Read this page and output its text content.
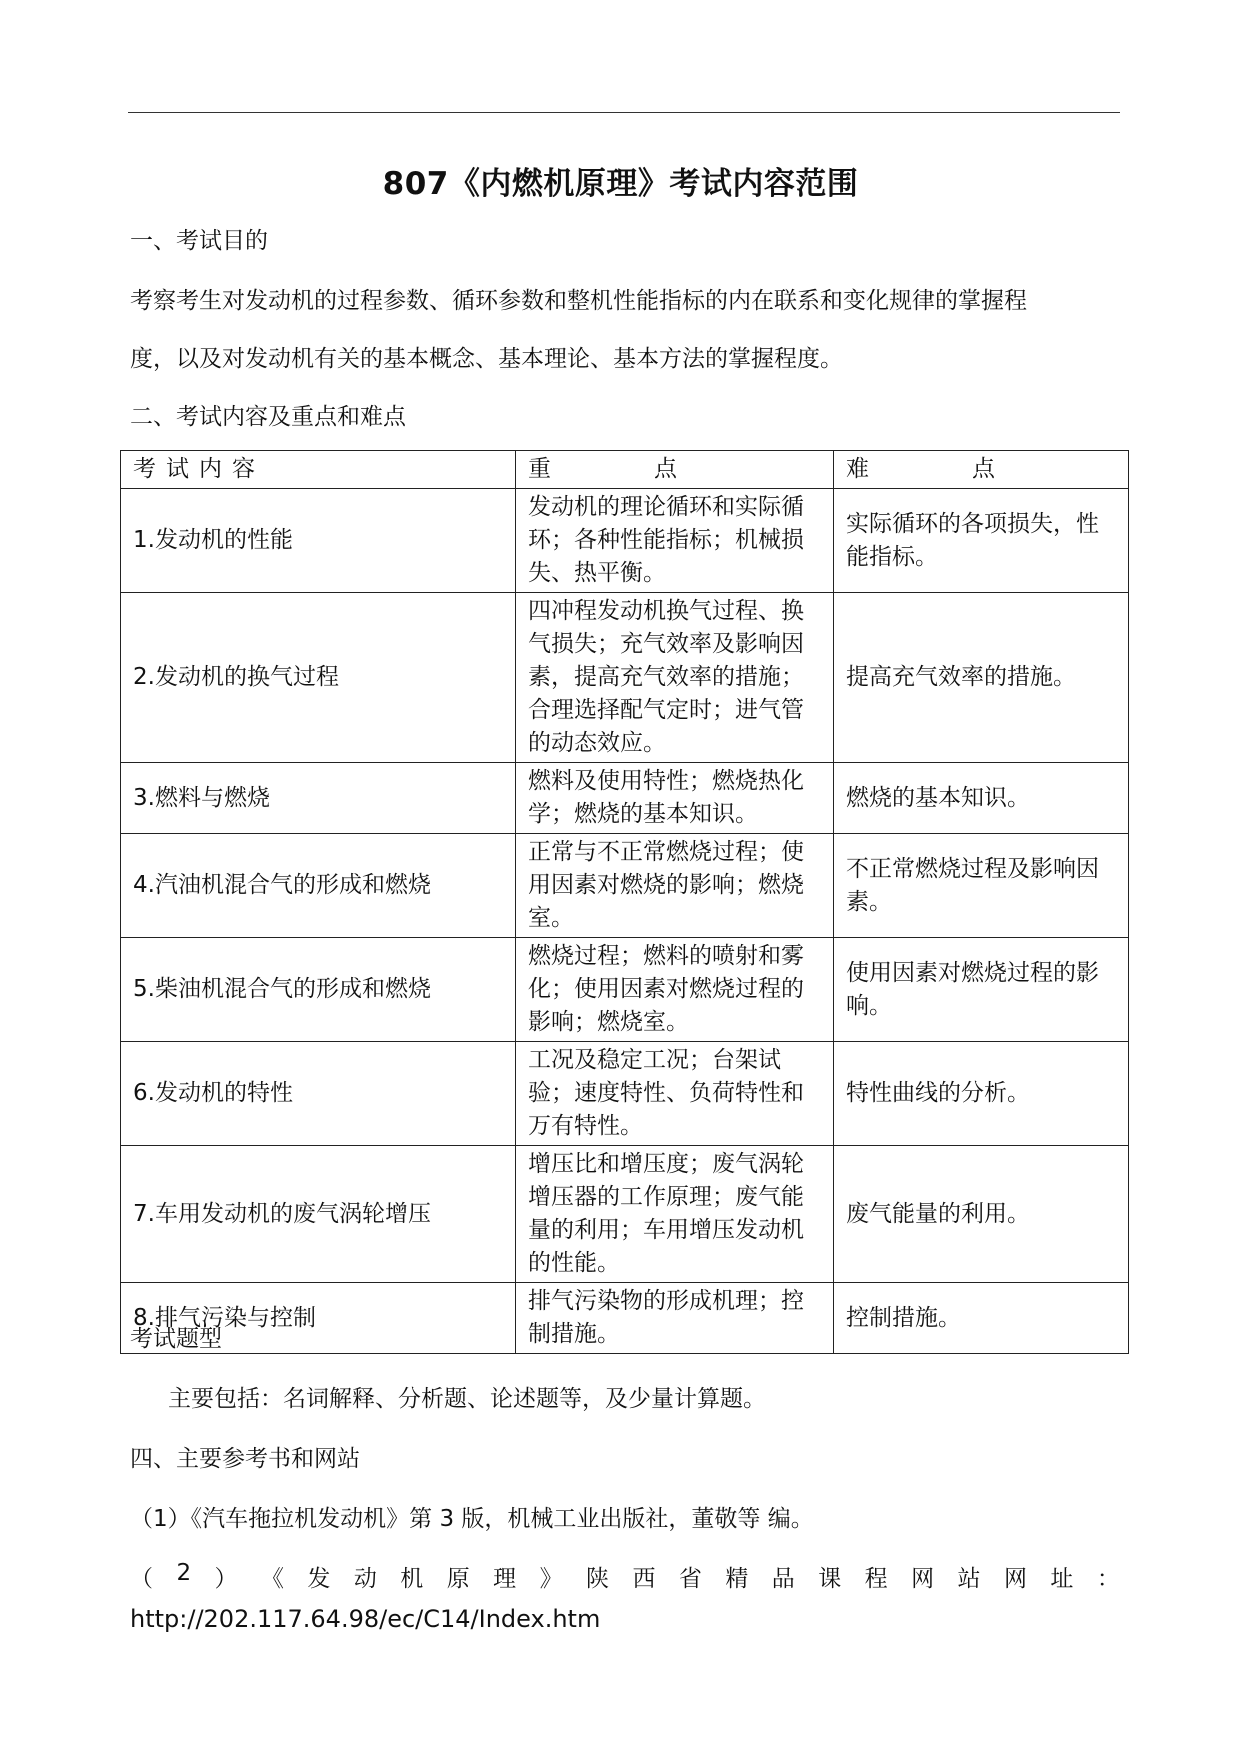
807《内燃机原理》考试内容范围
一、考试目的
考察考生对发动机的过程参数、循环参数和整机性能指标的内在联系和变化规律的掌握程
度，以及对发动机有关的基本概念、基本理论、基本方法的掌握程度。
二、考试内容及重点和难点
考试内容	重　点	难　点
1.发动机的性能	发动机的理论循环和实际循环；各种性能指标；机械损失、热平衡。	实际循环的各项损失，性能指标。
2.发动机的换气过程	四冲程发动机换气过程、换气损失；充气效率及影响因素，提高充气效率的措施；合理选择配气定时；进气管的动态效应。	提高充气效率的措施。
3.燃料与燃烧	燃料及使用特性；燃烧热化学；燃烧的基本知识。	燃烧的基本知识。
4.汽油机混合气的形成和燃烧	正常与不正常燃烧过程；使用因素对燃烧的影响；燃烧室。	不正常燃烧过程及影响因素。
5.柴油机混合气的形成和燃烧	燃烧过程；燃料的喷射和雾化；使用因素对燃烧过程的影响；燃烧室。	使用因素对燃烧过程的影响。
6.发动机的特性	工况及稳定工况；台架试验；速度特性、负荷特性和万有特性。	特性曲线的分析。
7.车用发动机的废气涡轮增压	增压比和增压度；废气涡轮增压器的工作原理；废气能量的利用；车用增压发动机的性能。	废气能量的利用。
8.排气污染与控制	排气污染物的形成机理；控制措施。	控制措施。
考试题型
主要包括：名词解释、分析题、论述题等，及少量计算题。
四、主要参考书和网站
（1）《汽车拖拉机发动机》第 3 版，机械工业出版社，董敬等 编。
（ 2 ） 《 发 动 机 原 理 》 陕 西 省 精 品 课 程 网 站 网 址 ：
http://202.117.64.98/ec/C14/Index.htm
